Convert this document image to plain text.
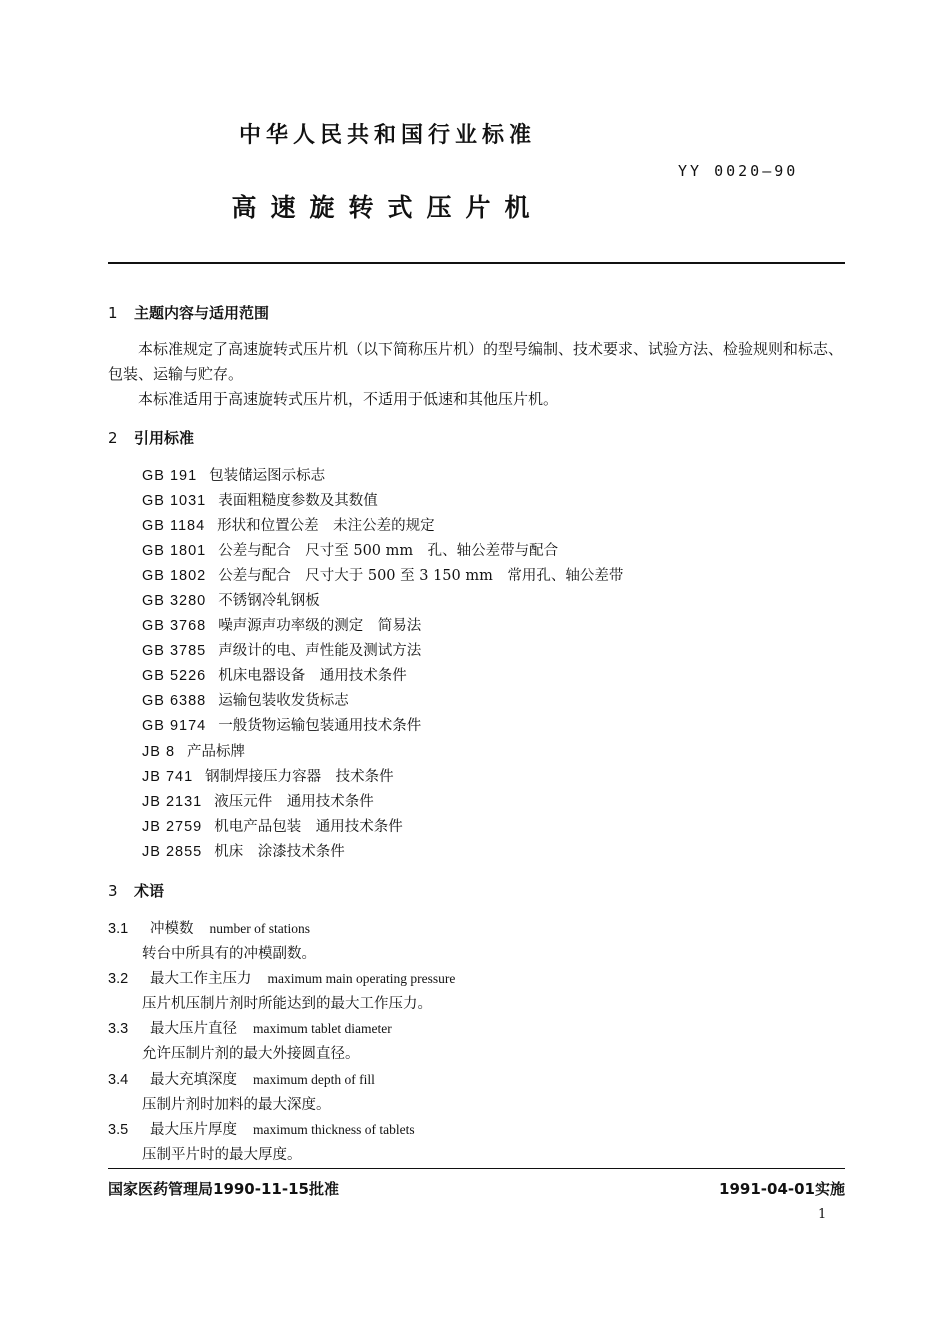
中华人民共和国行业标准
YY 0020—90
高速旋转式压片机
1 主题内容与适用范围

本标准规定了高速旋转式压片机（以下简称压片机）的型号编制、技术要求、试验方法、检验规则和标志、包装、运输与贮存。

本标准适用于高速旋转式压片机，不适用于低速和其他压片机。

2 引用标准
GB 191 包装储运图示标志
GB 1031 表面粗糙度参数及其数值
GB 1184 形状和位置公差　未注公差的规定
GB 1801 公差与配合　尺寸至 500 mm　孔、轴公差带与配合
GB 1802 公差与配合　尺寸大于 500 至 3 150 mm　常用孔、轴公差带
GB 3280 不锈钢冷轧钢板
GB 3768 噪声源声功率级的测定　简易法
GB 3785 声级计的电、声性能及测试方法
GB 5226 机床电器设备　通用技术条件
GB 6388 运输包装收发货标志
GB 9174 一般货物运输包装通用技术条件
JB 8 产品标牌
JB 741 钢制焊接压力容器　技术条件
JB 2131 液压元件　通用技术条件
JB 2759 机电产品包装　通用技术条件
JB 2855 机床　涂漆技术条件
3 术语
3.1 冲模数 number of stations
转台中所具有的冲模副数。
3.2 最大工作主压力 maximum main operating pressure
压片机压制片剂时所能达到的最大工作压力。
3.3 最大压片直径 maximum tablet diameter
允许压制片剂的最大外接圆直径。
3.4 最大充填深度 maximum depth of fill
压制片剂时加料的最大深度。
3.5 最大压片厚度 maximum thickness of tablets
压制平片时的最大厚度。
国家医药管理局1990-11-15批准	1991-04-01实施
1
